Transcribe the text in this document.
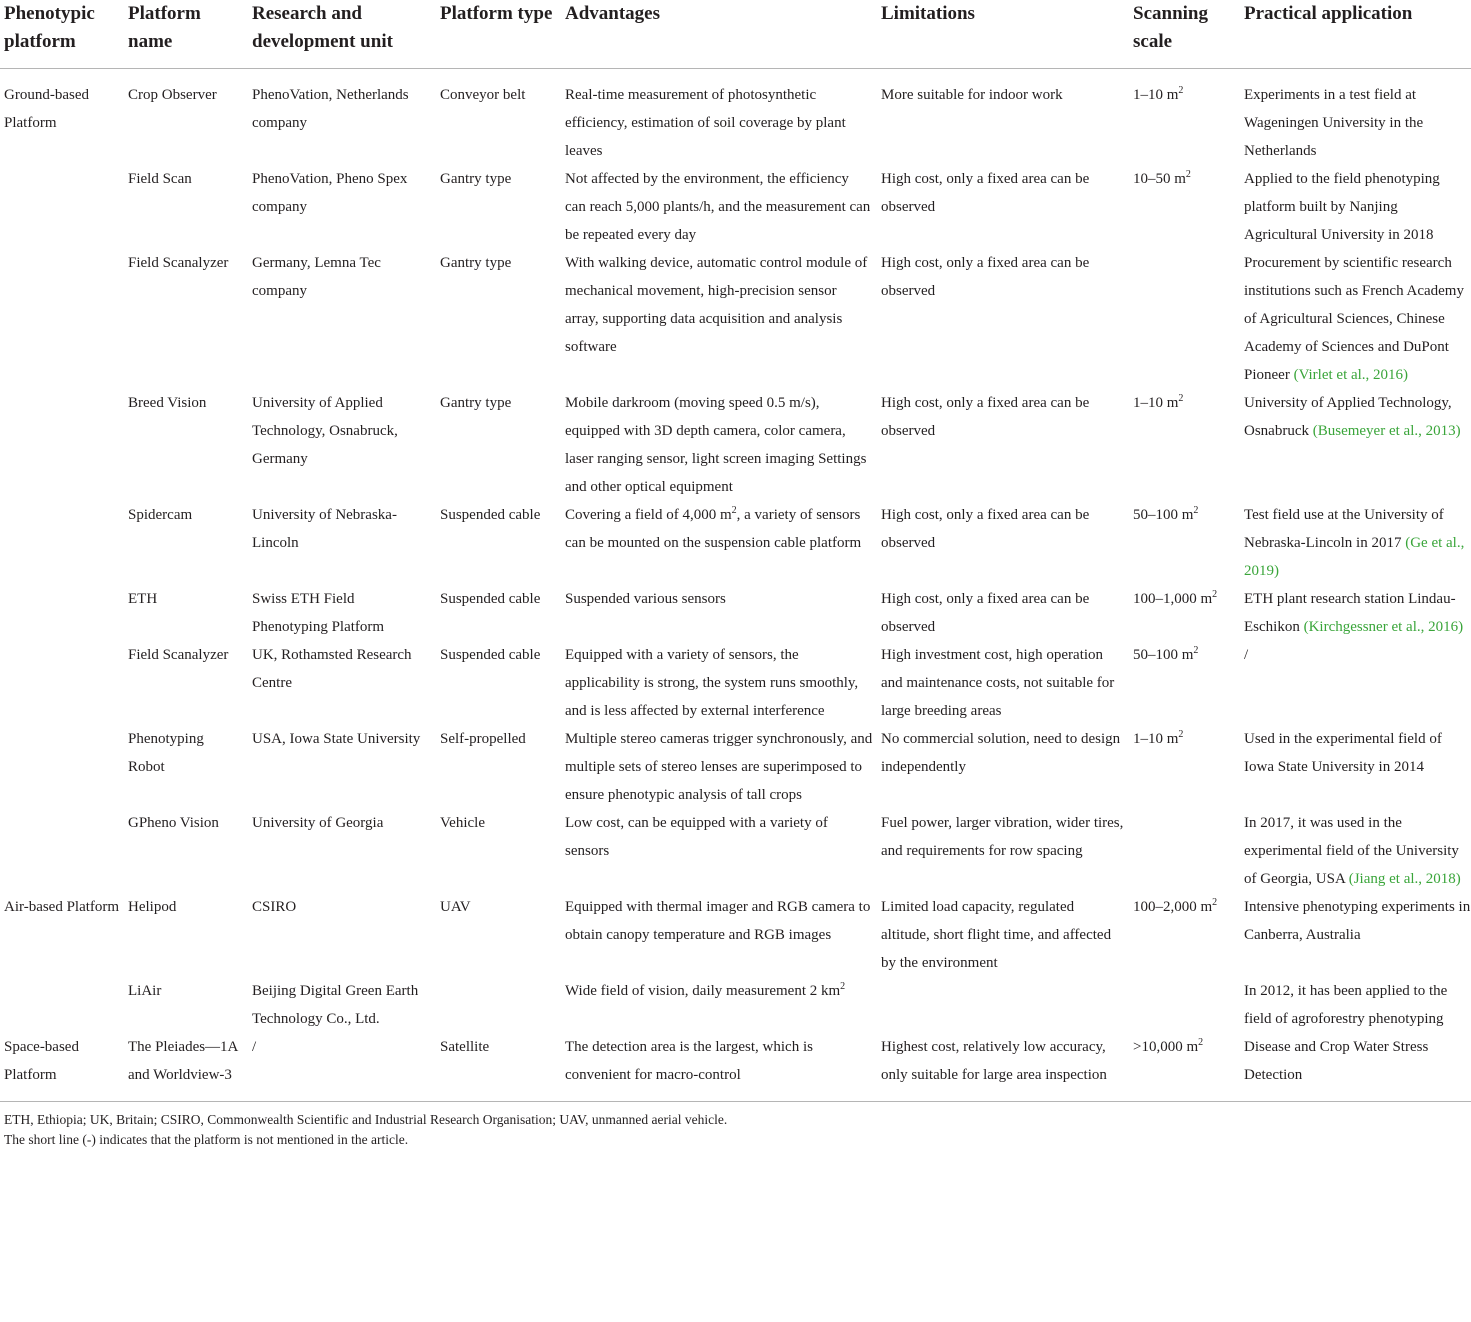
Phenotypic platform	Platform name	Research and development unit	Platform type	Advantages	Limitations	Scanning scale	Practical application
Ground-based Platform	Crop Observer	PhenoVation, Netherlands company	Conveyor belt	Real-time measurement of photosynthetic efficiency, estimation of soil coverage by plant leaves	More suitable for indoor work	1–10 $m^2$	Experiments in a test field at Wageningen University in the Netherlands
	Field Scan	PhenoVation, Pheno Spex company	Gantry type	Not affected by the environment, the efficiency can reach 5,000 plants/h, and the measurement can be repeated every day	High cost, only a fixed area can be observed	10–50 $m^2$	Applied to the field phenotyping platform built by Nanjing Agricultural University in 2018
	Field Scanalyzer	Germany, Lemna Tec company	Gantry type	With walking device, automatic control module of mechanical movement, high-precision sensor array, supporting data acquisition and analysis software	High cost, only a fixed area can be observed		Procurement by scientific research institutions such as French Academy of Agricultural Sciences, Chinese Academy of Sciences and DuPont Pioneer (Virlet et al., 2016)
	Breed Vision	University of Applied Technology, Osnabruck, Germany	Gantry type	Mobile darkroom (moving speed 0.5 m/s), equipped with 3D depth camera, color camera, laser ranging sensor, light screen imaging Settings and other optical equipment	High cost, only a fixed area can be observed	1–10 $m^2$	University of Applied Technology, Osnabruck (Busemeyer et al., 2013)
	Spidercam	University of Nebraska-Lincoln	Suspended cable	Covering a field of 4,000 $m^2$, a variety of sensors can be mounted on the suspension cable platform	High cost, only a fixed area can be observed	50–100 $m^2$	Test field use at the University of Nebraska-Lincoln in 2017 (Ge et al., 2019)
	ETH	Swiss ETH Field Phenotyping Platform	Suspended cable	Suspended various sensors	High cost, only a fixed area can be observed	100–1,000 $m^2$	ETH plant research station Lindau-Eschikon (Kirchgessner et al., 2016)
	Field Scanalyzer	UK, Rothamsted Research Centre	Suspended cable	Equipped with a variety of sensors, the applicability is strong, the system runs smoothly, and is less affected by external interference	High investment cost, high operation and maintenance costs, not suitable for large breeding areas	50–100 $m^2$	/
	Phenotyping Robot	USA, Iowa State University	Self-propelled	Multiple stereo cameras trigger synchronously, and multiple sets of stereo lenses are superimposed to ensure phenotypic analysis of tall crops	No commercial solution, need to design independently	1–10 $m^2$	Used in the experimental field of Iowa State University in 2014
	GPheno Vision	University of Georgia	Vehicle	Low cost, can be equipped with a variety of sensors	Fuel power, larger vibration, wider tires, and requirements for row spacing		In 2017, it was used in the experimental field of the University of Georgia, USA (Jiang et al., 2018)
Air-based Platform	Helipod	CSIRO	UAV	Equipped with thermal imager and RGB camera to obtain canopy temperature and RGB images	Limited load capacity, regulated altitude, short flight time, and affected by the environment	100–2,000 $m^2$	Intensive phenotyping experiments in Canberra, Australia
	LiAir	Beijing Digital Green Earth Technology Co., Ltd.		Wide field of vision, daily measurement 2 $km^2$			In 2012, it has been applied to the field of agroforestry phenotyping
Space-based Platform	The Pleiades—1A and Worldview-3	/	Satellite	The detection area is the largest, which is convenient for macro-control	Highest cost, relatively low accuracy, only suitable for large area inspection	>10,000 $m^2$	Disease and Crop Water Stress Detection
ETH, Ethiopia; UK, Britain; CSIRO, Commonwealth Scientific and Industrial Research Organisation; UAV, unmanned aerial vehicle.
The short line (-) indicates that the platform is not mentioned in the article.
